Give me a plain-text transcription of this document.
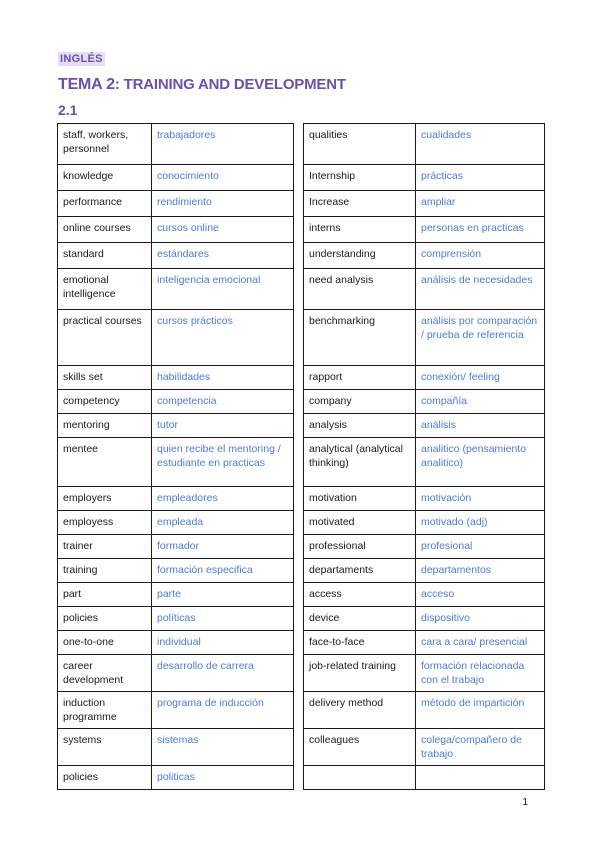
INGLÉS
TEMA 2: TRAINING AND DEVELOPMENT
2.1
staff, workers, personnel	trabajadores
knowledge	conocimiento
performance	rendimiento
online courses	cursos online
standard	estándares
emotional intelligence	inteligencia emocional
practical courses	cursos prácticos
skills set	habilidades
competency	competencia
mentoring	tutor
mentee	quien recibe el mentoring / estudiante en practicas
employers	empleadores
employess	empleada
trainer	formador
training	formación especifica
part	parte
policies	políticas
one-to-one	individual
career development	desarrollo de carrera
induction programme	programa de inducción
systems	sistemas
policies	politicas
qualities	cualidades
Internship	prácticas
Increase	ampliar
interns	personas en practicas
understanding	comprensión
need analysis	análisis de necesidades
benchmarking	análisis por comparación / prueba de referencia
rapport	conexión/ feeling
company	compañía
analysis	análisis
analytical (analytical thinking)	analitico (pensamiento analitico)
motivation	motivación
motivated	motivado (adj)
professional	profesional
departaments	departamentos
access	acceso
device	dispositivo
face-to-face	cara a cara/ presencial
job-related training	formación relacionada con el trabajo
delivery method	método de impartición
colleagues	colega/compañero de trabajo

1
